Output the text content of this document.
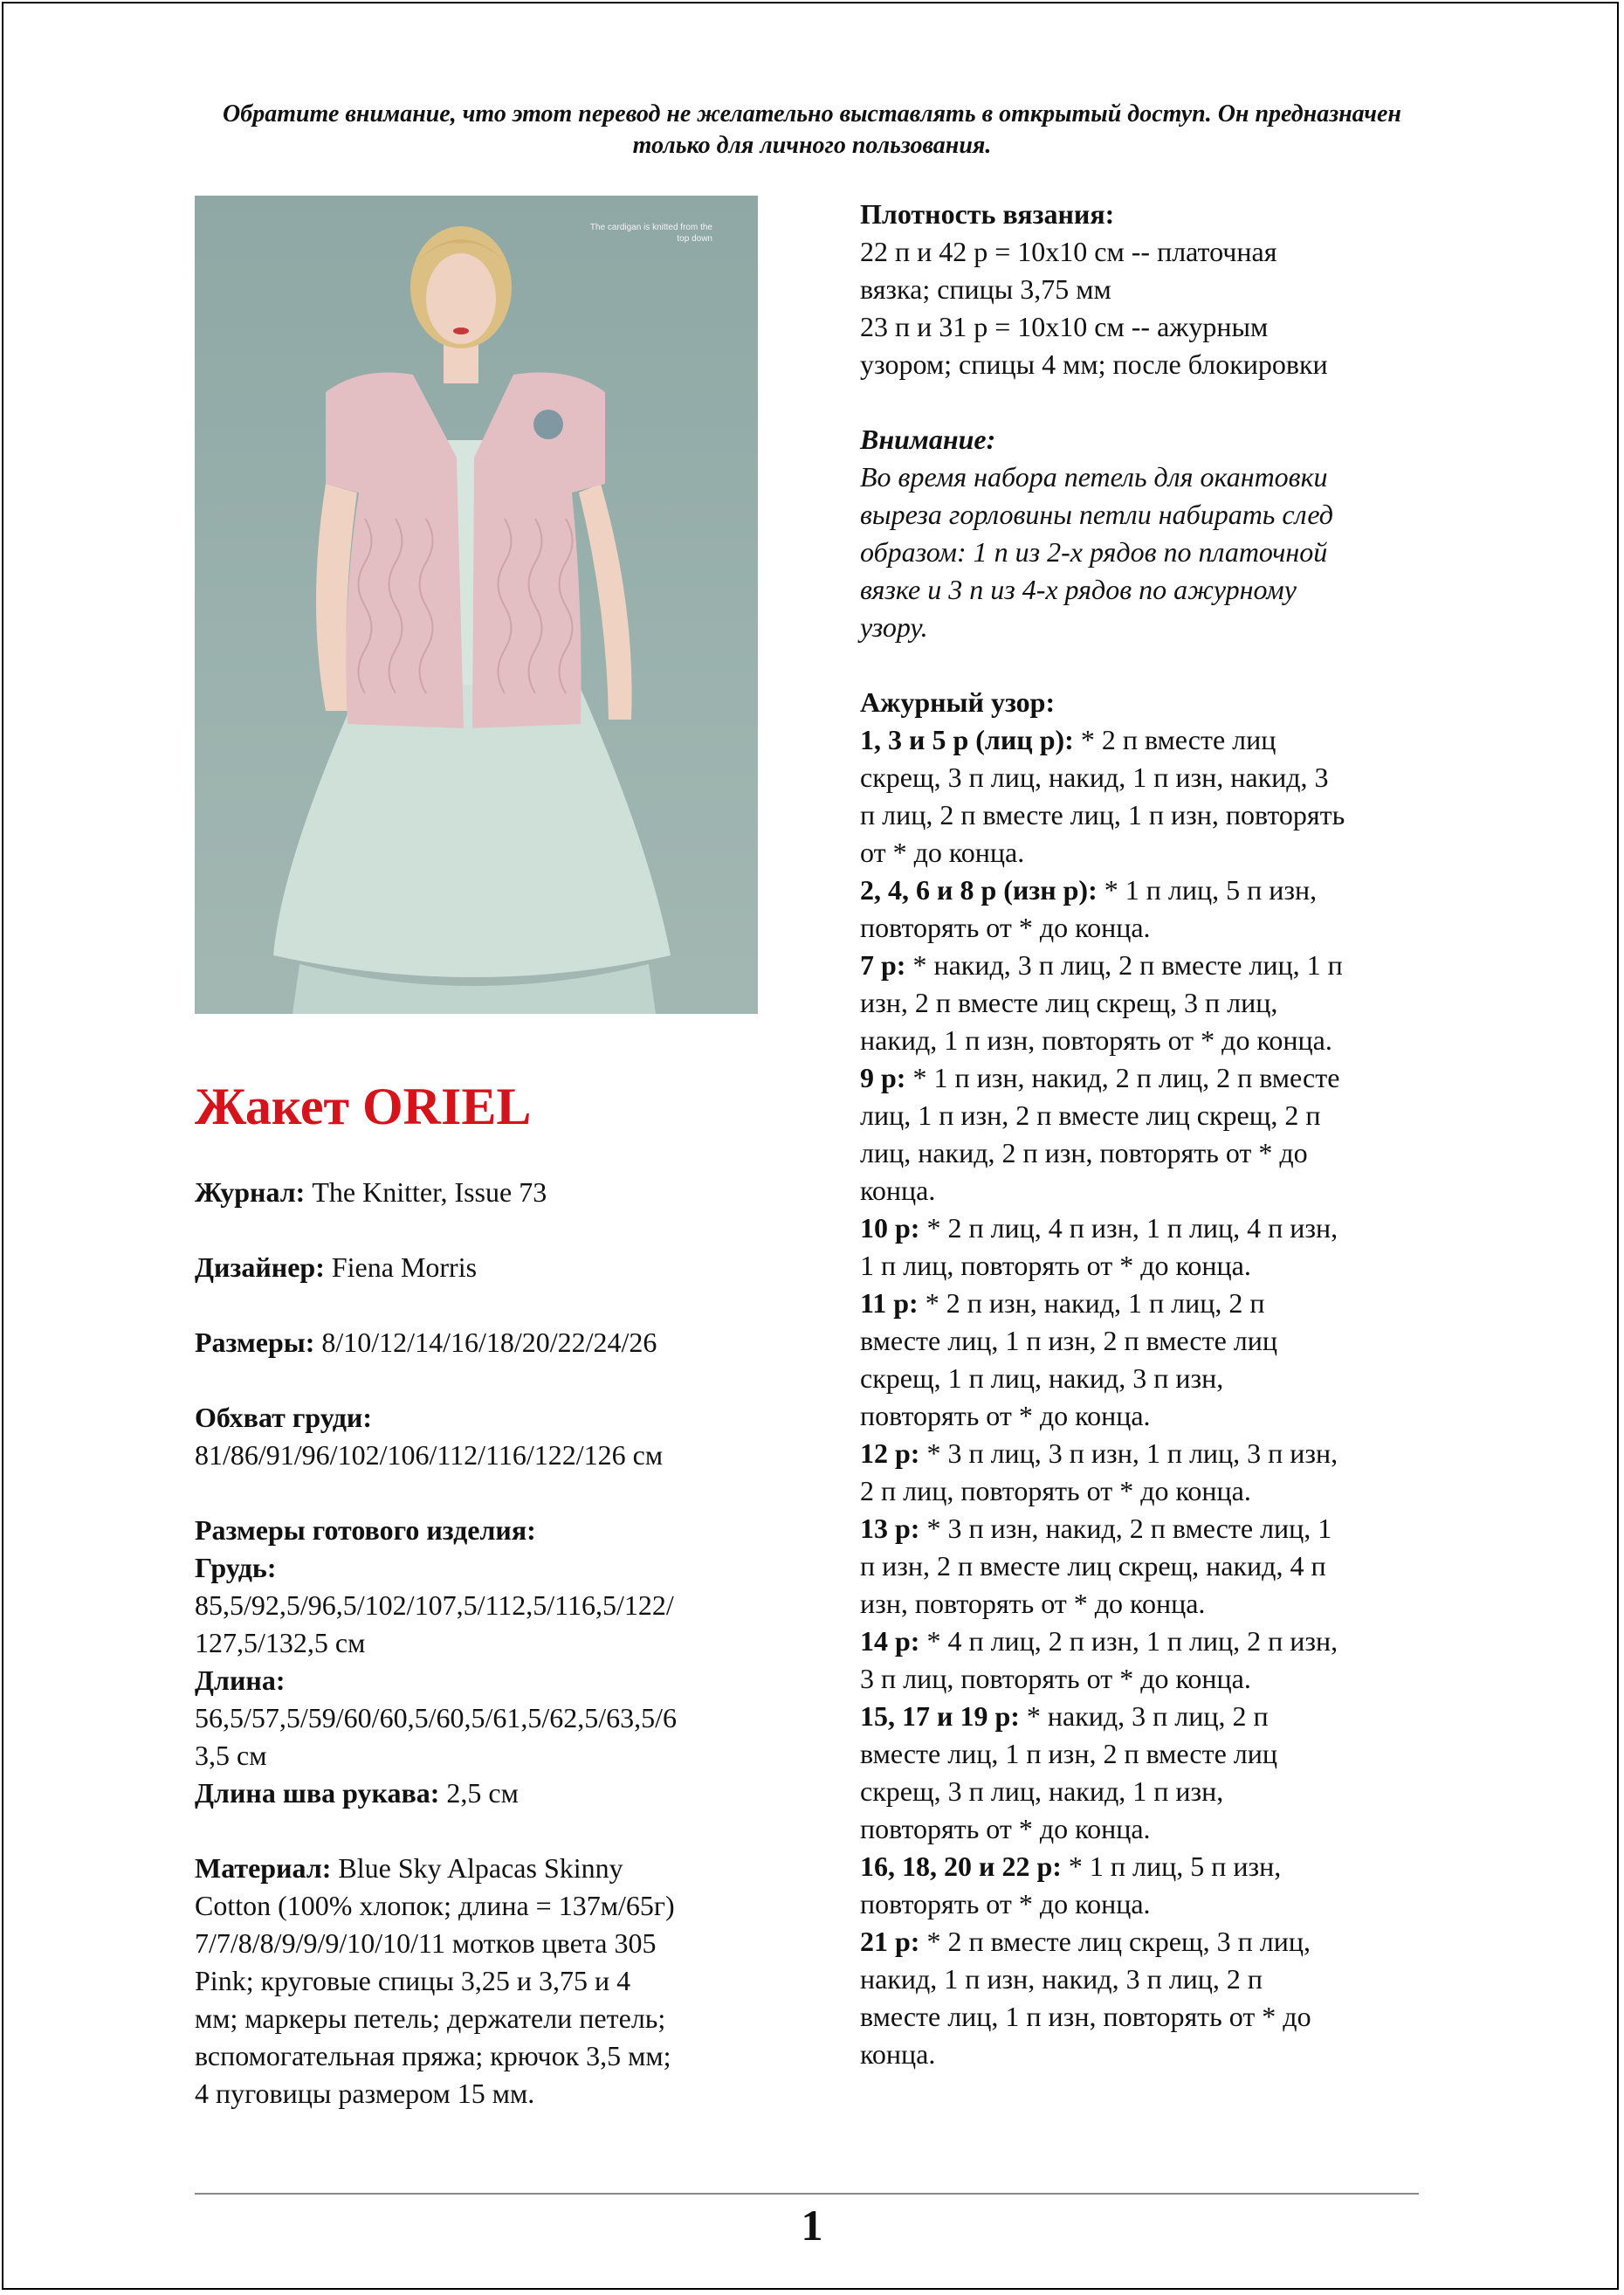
Обратите внимание, что этот перевод не желательно выставлять в открытый доступ. Он предназначен только для личного пользования.
The cardigan is knitted from the top down
Жакет ORIEL
Журнал: The Knitter, Issue 73
Дизайнер: Fiena Morris
Размеры: 8/10/12/14/16/18/20/22/24/26
Обхват груди:
81/86/91/96/102/106/112/116/122/126 см
Размеры готового изделия:
Грудь:
85,5/92,5/96,5/102/107,5/112,5/116,5/122/
127,5/132,5 см
Длина:
56,5/57,5/59/60/60,5/60,5/61,5/62,5/63,5/6
3,5 см
Длина шва рукава: 2,5 см
Материал: Blue Sky Alpacas Skinny
Cotton (100% хлопок; длина = 137м/65г)
7/7/8/8/9/9/9/10/10/11 мотков цвета 305
Pink; круговые спицы 3,25 и 3,75 и 4
мм; маркеры петель; держатели петель;
вспомогательная пряжа; крючок 3,5 мм;
4 пуговицы размером 15 мм.
Плотность вязания:
22 п и 42 р = 10х10 см -- платочная
вязка; спицы 3,75 мм
23 п и 31 р = 10х10 см -- ажурным
узором; спицы 4 мм; после блокировки
Внимание:
Во время набора петель для окантовки
выреза горловины петли набирать след
образом: 1 п из 2-х рядов по платочной
вязке и 3 п из 4-х рядов по ажурному
узору.
Ажурный узор:
1, 3 и 5 р (лиц р): * 2 п вместе лиц
скрещ, 3 п лиц, накид, 1 п изн, накид, 3
п лиц, 2 п вместе лиц, 1 п изн, повторять
от * до конца.
2, 4, 6 и 8 р (изн р): * 1 п лиц, 5 п изн,
повторять от * до конца.
7 р: * накид, 3 п лиц, 2 п вместе лиц, 1 п
изн, 2 п вместе лиц скрещ, 3 п лиц,
накид, 1 п изн, повторять от * до конца.
9 р: * 1 п изн, накид, 2 п лиц, 2 п вместе
лиц, 1 п изн, 2 п вместе лиц скрещ, 2 п
лиц, накид, 2 п изн, повторять от * до
конца.
10 р: * 2 п лиц, 4 п изн, 1 п лиц, 4 п изн,
1 п лиц, повторять от * до конца.
11 р: * 2 п изн, накид, 1 п лиц, 2 п
вместе лиц, 1 п изн, 2 п вместе лиц
скрещ, 1 п лиц, накид, 3 п изн,
повторять от * до конца.
12 р: * 3 п лиц, 3 п изн, 1 п лиц, 3 п изн,
2 п лиц, повторять от * до конца.
13 р: * 3 п изн, накид, 2 п вместе лиц, 1
п изн, 2 п вместе лиц скрещ, накид, 4 п
изн, повторять от * до конца.
14 р: * 4 п лиц, 2 п изн, 1 п лиц, 2 п изн,
3 п лиц, повторять от * до конца.
15, 17 и 19 р: * накид, 3 п лиц, 2 п
вместе лиц, 1 п изн, 2 п вместе лиц
скрещ, 3 п лиц, накид, 1 п изн,
повторять от * до конца.
16, 18, 20 и 22 р: * 1 п лиц, 5 п изн,
повторять от * до конца.
21 р: * 2 п вместе лиц скрещ, 3 п лиц,
накид, 1 п изн, накид, 3 п лиц, 2 п
вместе лиц, 1 п изн, повторять от * до
конца.
1
